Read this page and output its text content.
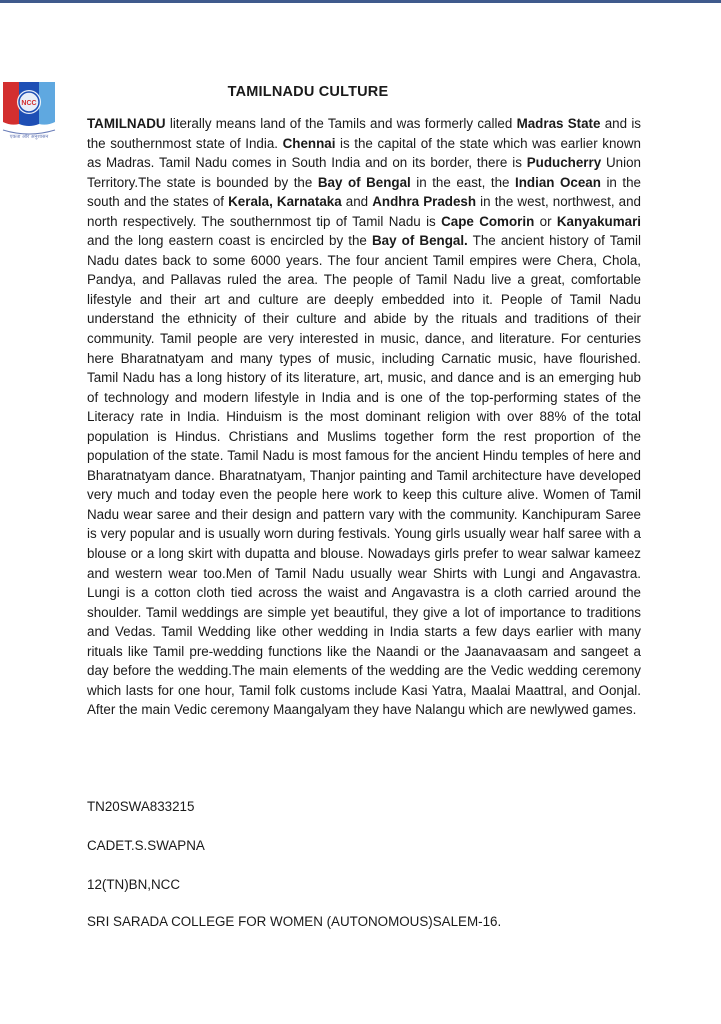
NCC
एकता और अनुशासन
TAMILNADU CULTURE

TAMILNADU literally means land of the Tamils and was formerly called Madras State and is the southernmost state of India. Chennai is the capital of the state which was earlier known as Madras. Tamil Nadu comes in South India and on its border, there is Puducherry Union Territory.The state is bounded by the Bay of Bengal in the east, the Indian Ocean in the south and the states of Kerala, Karnataka and Andhra Pradesh in the west, northwest, and north respectively. The southernmost tip of Tamil Nadu is Cape Comorin or Kanyakumari and the long eastern coast is encircled by the Bay of Bengal. The ancient history of Tamil Nadu dates back to some 6000 years. The four ancient Tamil empires were Chera, Chola, Pandya, and Pallavas ruled the area. The people of Tamil Nadu live a great, comfortable lifestyle and their art and culture are deeply embedded into it. People of Tamil Nadu understand the ethnicity of their culture and abide by the rituals and traditions of their community. Tamil people are very interested in music, dance, and literature. For centuries here Bharatnatyam and many types of music, including Carnatic music, have flourished. Tamil Nadu has a long history of its literature, art, music, and dance and is an emerging hub of technology and modern lifestyle in India and is one of the top-performing states of the Literacy rate in India. Hinduism is the most dominant religion with over 88% of the total population is Hindus. Christians and Muslims together form the rest proportion of the population of the state. Tamil Nadu is most famous for the ancient Hindu temples of here and Bharatnatyam dance. Bharatnatyam, Thanjor painting and Tamil architecture have developed very much and today even the people here work to keep this culture alive. Women of Tamil Nadu wear saree and their design and pattern vary with the community. Kanchipuram Saree is very popular and is usually worn during festivals. Young girls usually wear half saree with a blouse or a long skirt with dupatta and blouse. Nowadays girls prefer to wear salwar kameez and western wear too.Men of Tamil Nadu usually wear Shirts with Lungi and Angavastra. Lungi is a cotton cloth tied across the waist and Angavastra is a cloth carried around the shoulder. Tamil weddings are simple yet beautiful, they give a lot of importance to traditions and Vedas. Tamil Wedding like other wedding in India starts a few days earlier with many rituals like Tamil pre-wedding functions like the Naandi or the Jaanavaasam and sangeet a day before the wedding.The main elements of the wedding are the Vedic wedding ceremony which lasts for one hour, Tamil folk customs include Kasi Yatra, Maalai Maattral, and Oonjal. After the main Vedic ceremony Maangalyam they have Nalangu which are newlywed games.

TN20SWA833215
CADET.S.SWAPNA
12(TN)BN,NCC
SRI SARADA COLLEGE FOR WOMEN (AUTONOMOUS)SALEM-16.
